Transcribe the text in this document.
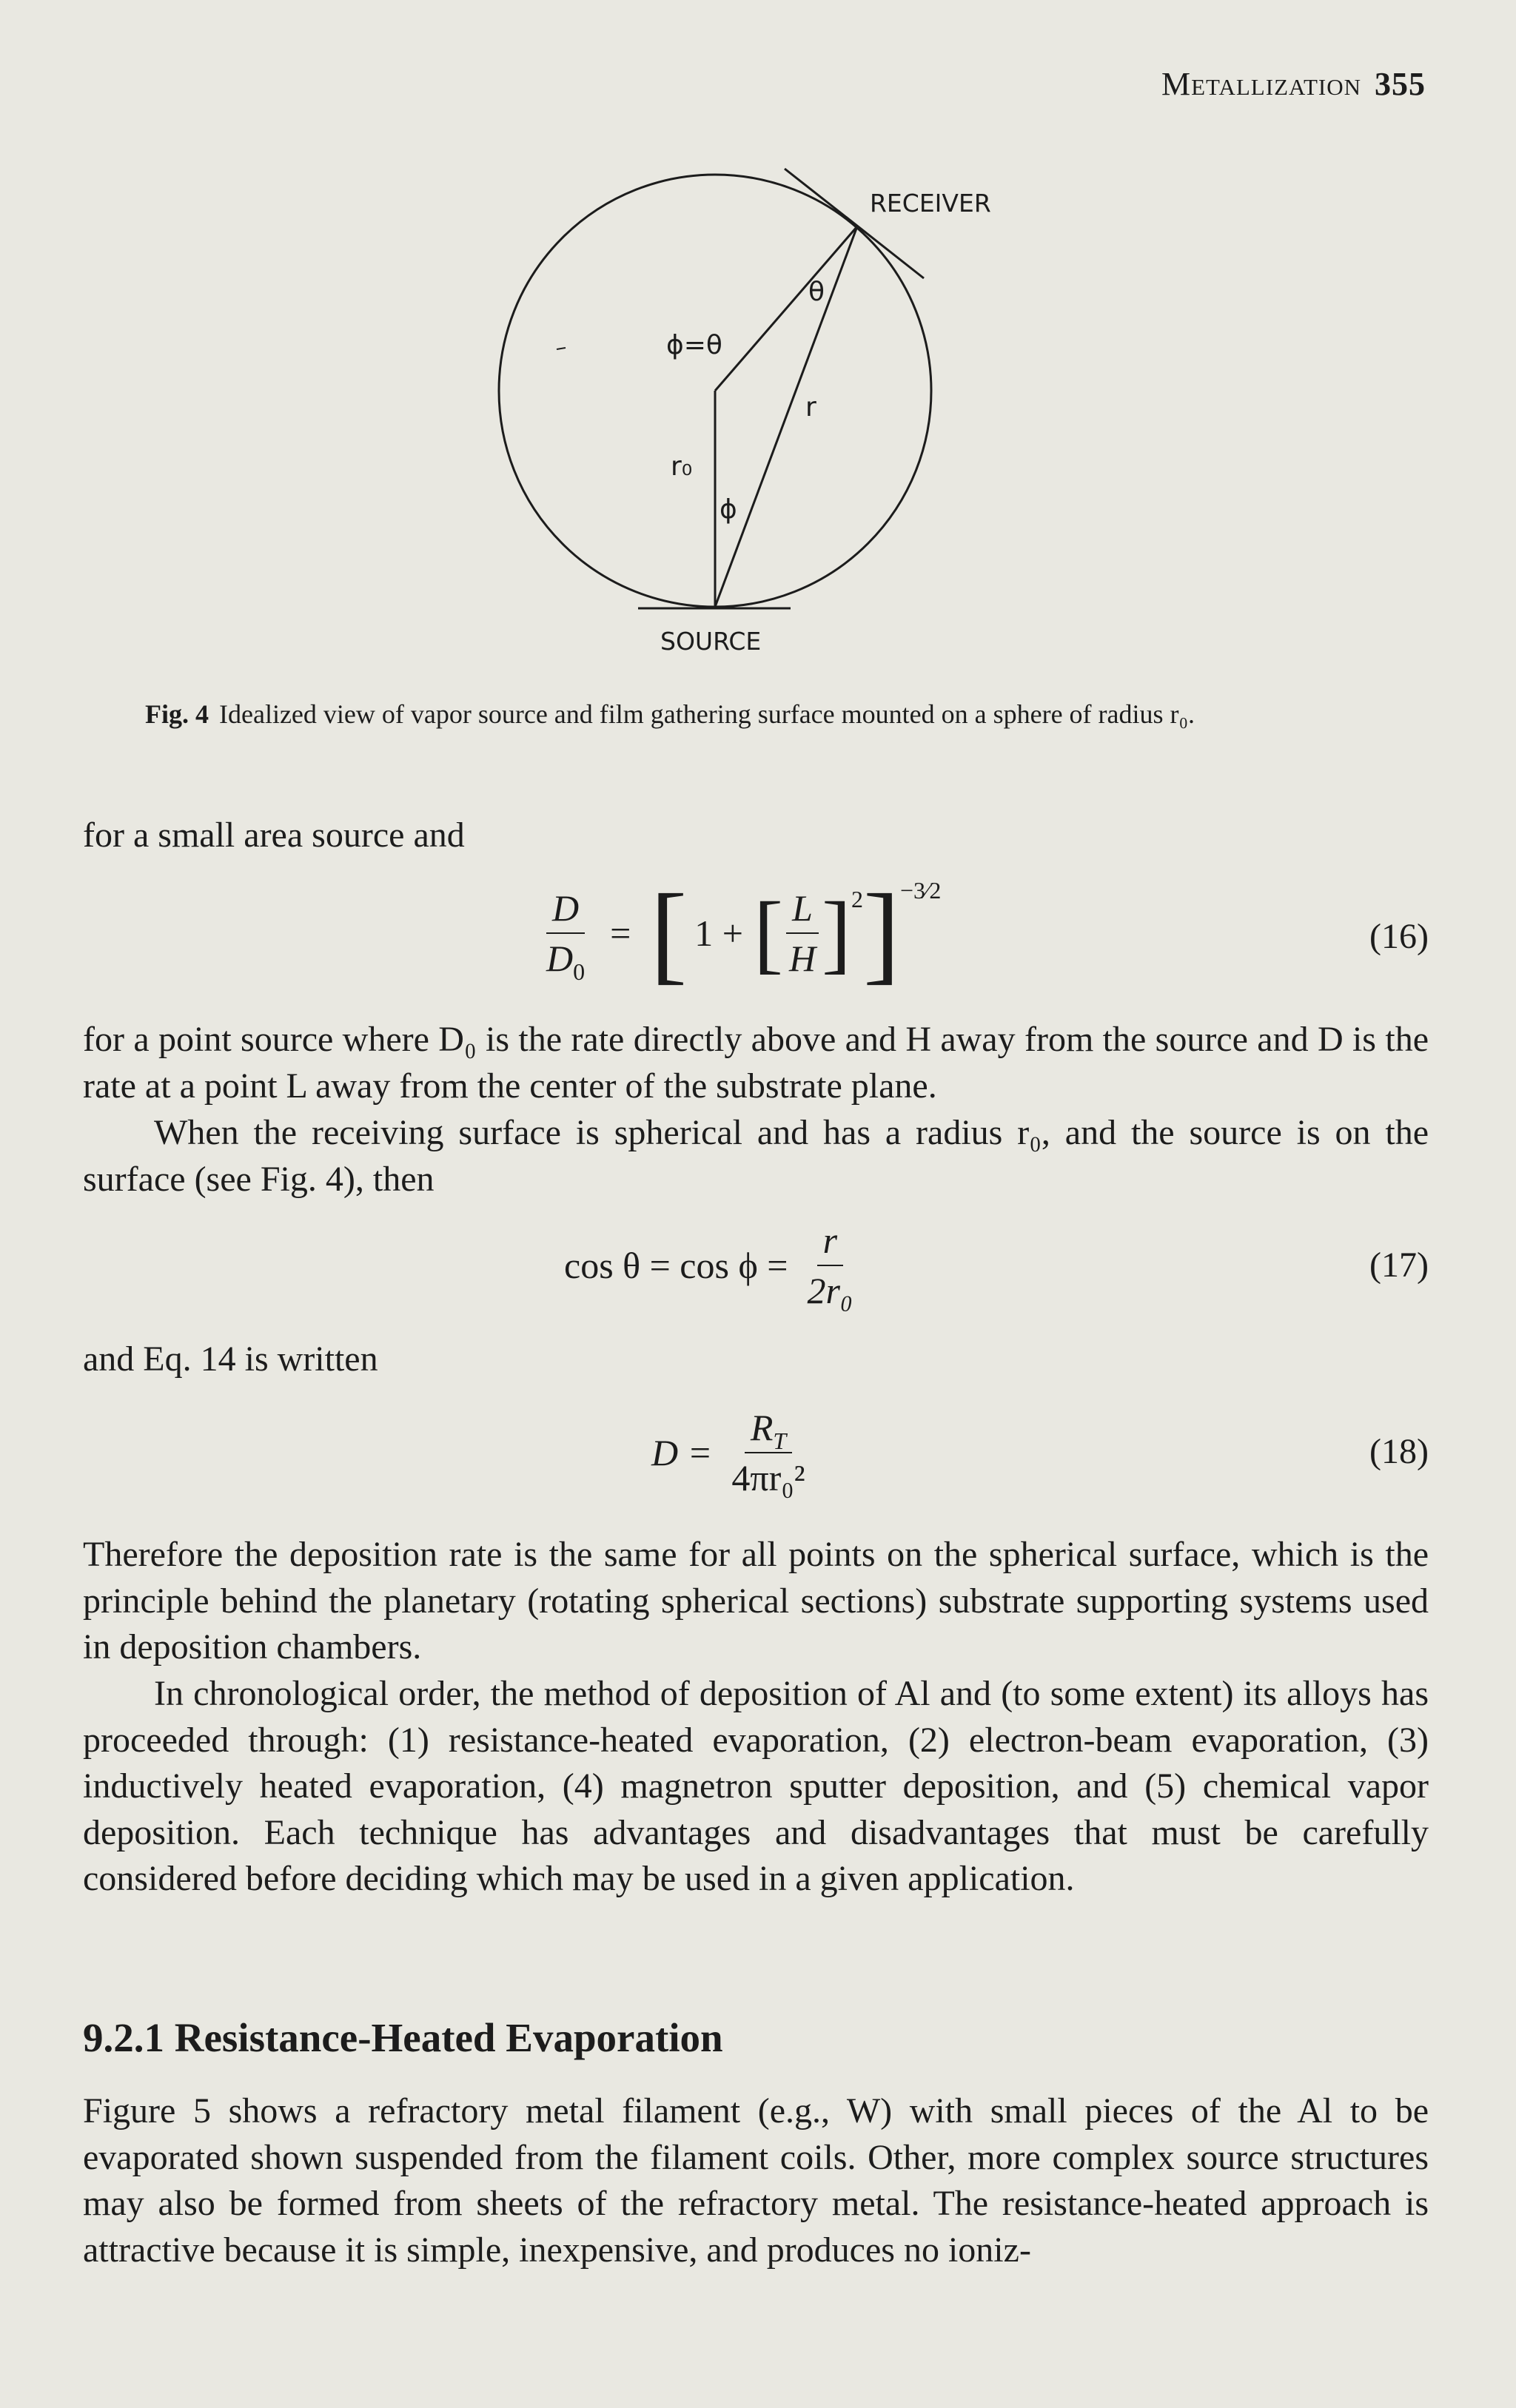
Metallization 355
RECEIVER
SOURCE
ϕ=θ
θ
r
r₀
ϕ
Fig. 4 Idealized view of vapor source and film gathering surface mounted on a sphere of radius r₀.
for a small area source and
$\frac{D}{D_0}$ = [ 1 + [ $\frac{L}{H}$ ] 2 ] −3⁄2
(16)
for a point source where D₀ is the rate directly above and H away from the source and D is the rate at a point L away from the center of the substrate plane.
When the receiving surface is spherical and has a radius r₀, and the source is on the surface (see Fig. 4), then
$\cos \theta = \cos \phi = \frac{r}{\text{2r₀}}$	(17)
and Eq. 14 is written
$D = \frac{R_T}{\text{4πr₀²}}$	(18)
Therefore the deposition rate is the same for all points on the spherical surface, which is the principle behind the planetary (rotating spherical sections) substrate supporting systems used in deposition chambers.
In chronological order, the method of deposition of Al and (to some extent) its alloys has proceeded through: (1) resistance-heated evaporation, (2) electron-beam evaporation, (3) inductively heated evaporation, (4) magnetron sputter deposition, and (5) chemical vapor deposition. Each technique has advantages and disadvantages that must be carefully considered before deciding which may be used in a given application.
9.2.1 Resistance-Heated Evaporation
Figure 5 shows a refractory metal filament (e.g., W) with small pieces of the Al to be evaporated shown suspended from the filament coils. Other, more complex source structures may also be formed from sheets of the refractory metal. The resistance-heated approach is attractive because it is simple, inexpensive, and produces no ioniz-
